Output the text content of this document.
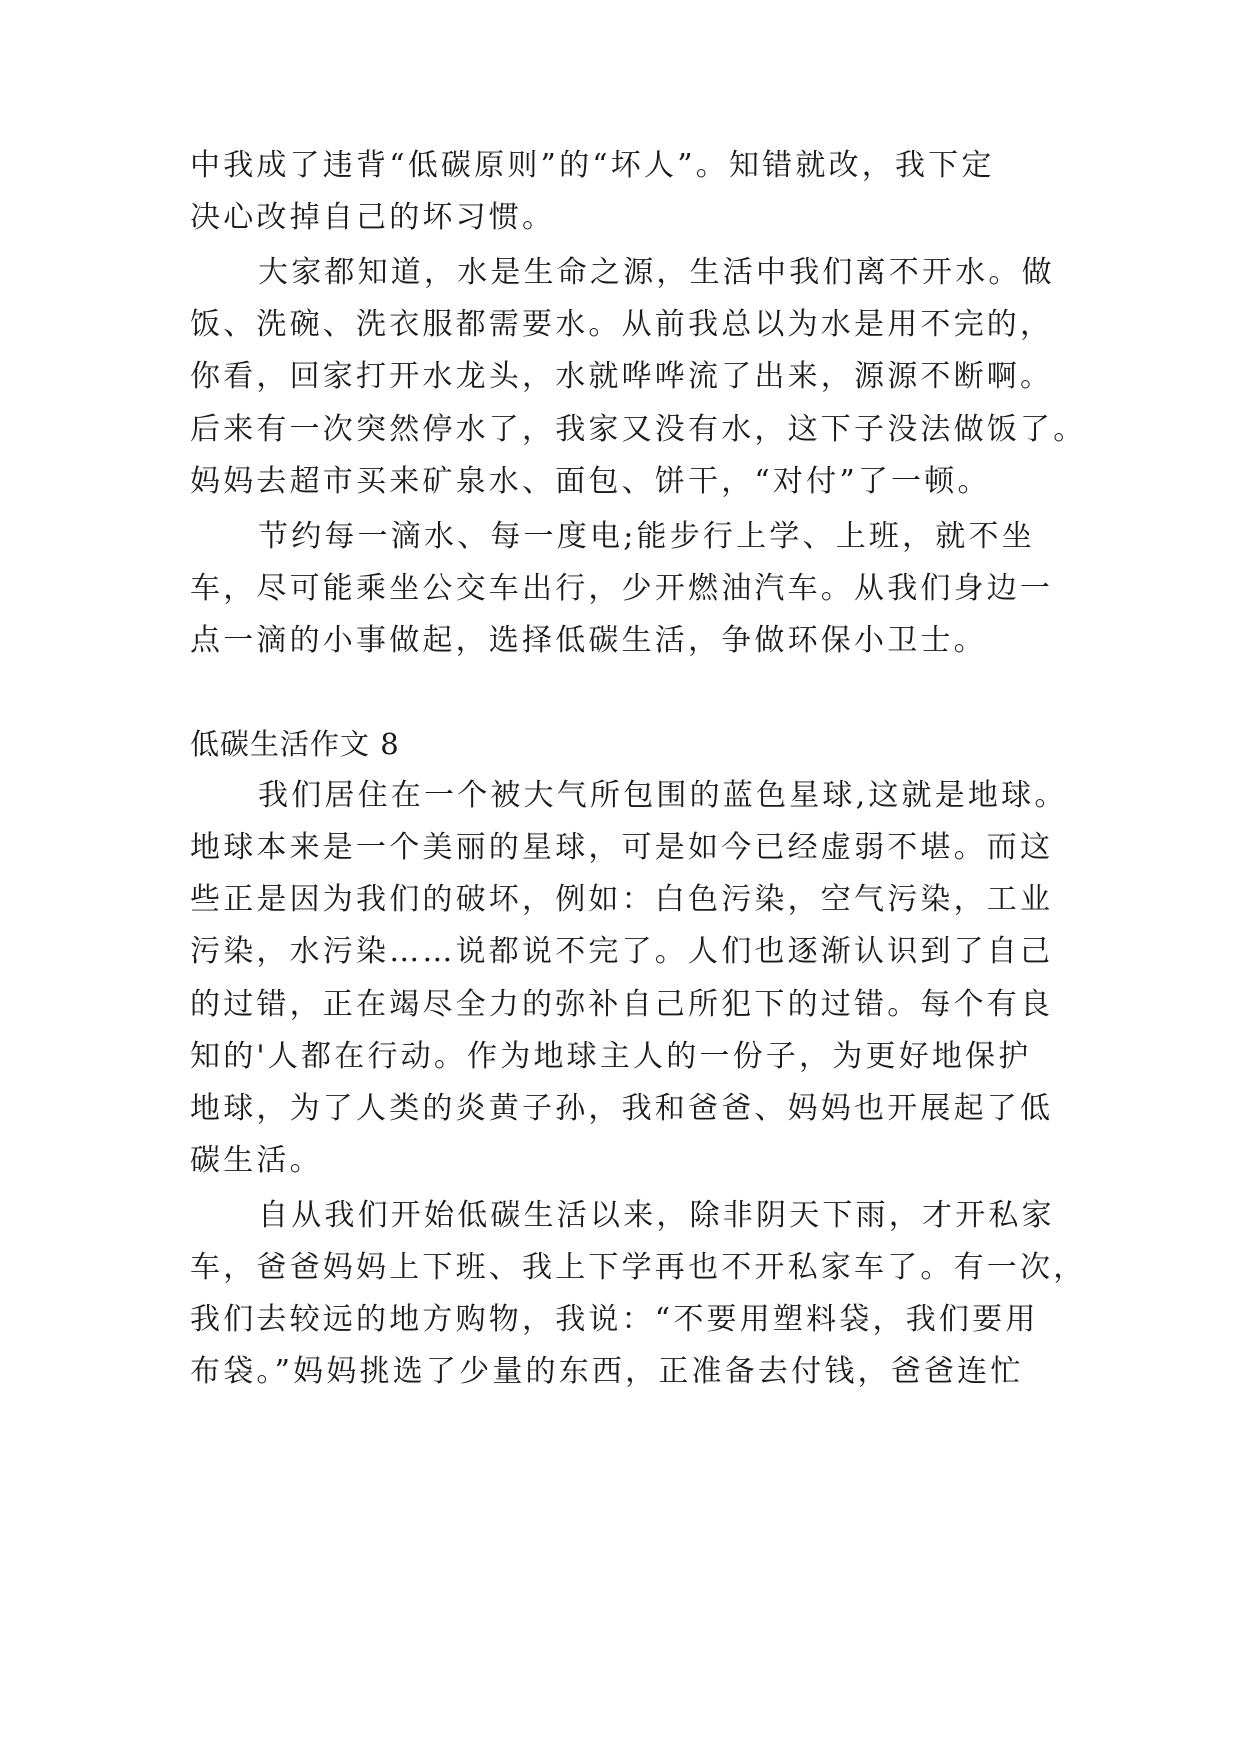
中我成了违背“低碳原则”的“坏人”。知错就改，我下定
决心改掉自己的坏习惯。
大家都知道，水是生命之源，生活中我们离不开水。做
饭、洗碗、洗衣服都需要水。从前我总以为水是用不完的，
你看，回家打开水龙头，水就哗哗流了出来，源源不断啊。
后来有一次突然停水了，我家又没有水，这下子没法做饭了。
妈妈去超市买来矿泉水、面包、饼干，“对付”了一顿。
节约每一滴水、每一度电;能步行上学、上班，就不坐
车，尽可能乘坐公交车出行，少开燃油汽车。从我们身边一
点一滴的小事做起，选择低碳生活，争做环保小卫士。
低碳生活作文 8
我们居住在一个被大气所包围的蓝色星球,这就是地球。
地球本来是一个美丽的星球，可是如今已经虚弱不堪。而这
些正是因为我们的破坏，例如：白色污染，空气污染，工业
污染，水污染……说都说不完了。人们也逐渐认识到了自己
的过错，正在竭尽全力的弥补自己所犯下的过错。每个有良
知的'人都在行动。作为地球主人的一份子，为更好地保护
地球，为了人类的炎黄子孙，我和爸爸、妈妈也开展起了低
碳生活。
自从我们开始低碳生活以来，除非阴天下雨，才开私家
车，爸爸妈妈上下班、我上下学再也不开私家车了。有一次，
我们去较远的地方购物，我说：“不要用塑料袋，我们要用
布袋。”妈妈挑选了少量的东西，正准备去付钱，爸爸连忙
